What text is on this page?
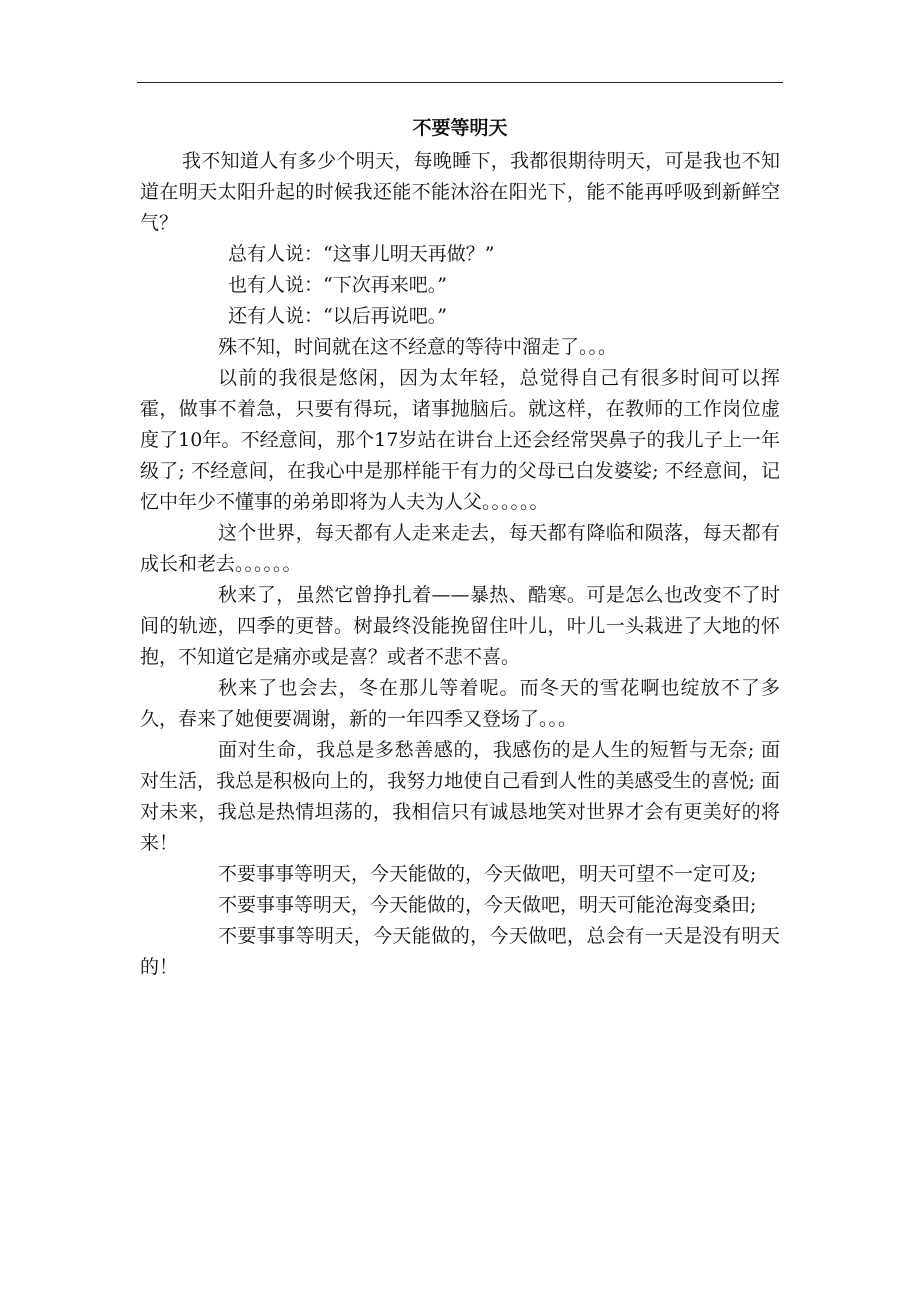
不要等明天

我不知道人有多少个明天，每晚睡下，我都很期待明天，可是我也不知道在明天太阳升起的时候我还能不能沐浴在阳光下，能不能再呼吸到新鲜空气？

总有人说：“这事儿明天再做？”

也有人说：“下次再来吧。”

还有人说：“以后再说吧。”

殊不知，时间就在这不经意的等待中溜走了。。。

以前的我很是悠闲，因为太年轻，总觉得自己有很多时间可以挥霍，做事不着急，只要有得玩，诸事抛脑后。就这样，在教师的工作岗位虚度了10年。不经意间，那个17岁站在讲台上还会经常哭鼻子的我儿子上一年级了; 不经意间，在我心中是那样能干有力的父母已白发婆娑; 不经意间，记忆中年少不懂事的弟弟即将为人夫为人父。。。。。。

这个世界，每天都有人走来走去，每天都有降临和陨落，每天都有成长和老去。。。。。。

秋来了，虽然它曾挣扎着——暴热、酷寒。可是怎么也改变不了时间的轨迹，四季的更替。树最终没能挽留住叶儿，叶儿一头栽进了大地的怀抱，不知道它是痛亦或是喜？或者不悲不喜。

秋来了也会去，冬在那儿等着呢。而冬天的雪花啊也绽放不了多久，春来了她便要凋谢，新的一年四季又登场了。。。

面对生命，我总是多愁善感的，我感伤的是人生的短暂与无奈; 面对生活，我总是积极向上的，我努力地使自己看到人性的美感受生的喜悦; 面对未来，我总是热情坦荡的，我相信只有诚恳地笑对世界才会有更美好的将来！

不要事事等明天，今天能做的，今天做吧，明天可望不一定可及;

不要事事等明天，今天能做的，今天做吧，明天可能沧海变桑田;

不要事事等明天，今天能做的，今天做吧，总会有一天是没有明天的！
